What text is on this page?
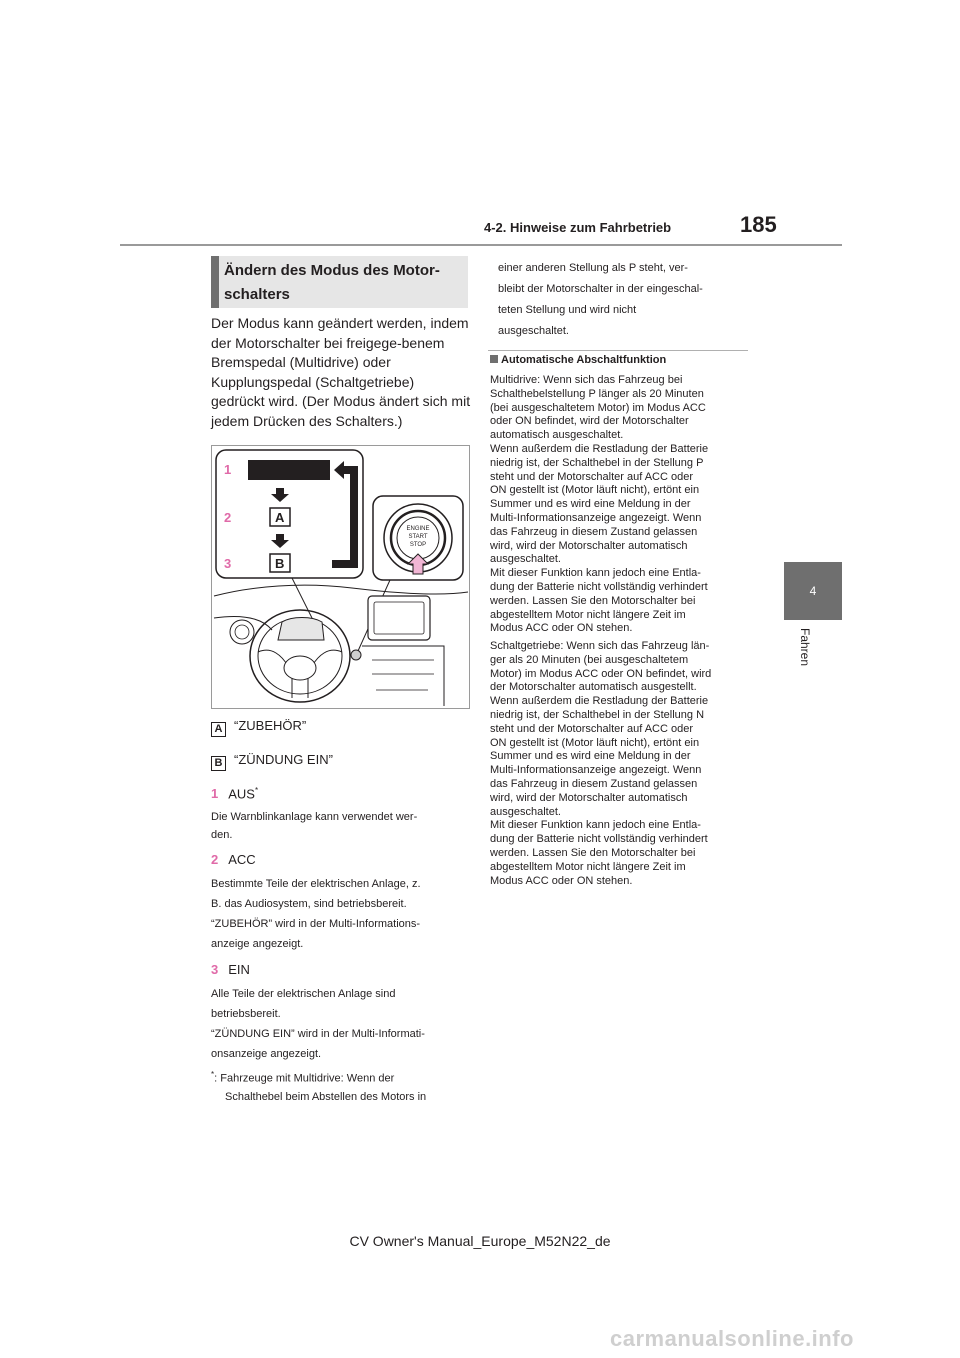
4-2. Hinweise zum Fahrbetrieb	185
4
Fahren
Ändern des Modus des Motor-schalters
Der Modus kann geändert werden, indem der Motorschalter bei freigege-benem Bremspedal (Multidrive) oder Kupplungspedal (Schaltgetriebe) gedrückt wird. (Der Modus ändert sich mit jedem Drücken des Schalters.)
A
B
1
2
3
ENGINE
START
STOP
A “ZUBEHÖR”
B “ZÜNDUNG EIN”
1 AUS*
Die Warnblinkanlage kann verwendet wer-
den.
2 ACC
Bestimmte Teile der elektrischen Anlage, z.
B. das Audiosystem, sind betriebsbereit.
“ZUBEHÖR” wird in der Multi-Informations-
anzeige angezeigt.
3 EIN
Alle Teile der elektrischen Anlage sind
betriebsbereit.
“ZÜNDUNG EIN” wird in der Multi-Informati-
onsanzeige angezeigt.
*: Fahrzeuge mit Multidrive: Wenn der
Schalthebel beim Abstellen des Motors in
einer anderen Stellung als P steht, ver-
bleibt der Motorschalter in der eingeschal-
teten Stellung und wird nicht
ausgeschaltet.
Automatische Abschaltfunktion
Multidrive: Wenn sich das Fahrzeug bei
Schalthebelstellung P länger als 20 Minuten
(bei ausgeschaltetem Motor) im Modus ACC
oder ON befindet, wird der Motorschalter
automatisch ausgeschaltet.
Wenn außerdem die Restladung der Batterie
niedrig ist, der Schalthebel in der Stellung P
steht und der Motorschalter auf ACC oder
ON gestellt ist (Motor läuft nicht), ertönt ein
Summer und es wird eine Meldung in der
Multi-Informationsanzeige angezeigt. Wenn
das Fahrzeug in diesem Zustand gelassen
wird, wird der Motorschalter automatisch
ausgeschaltet.
Mit dieser Funktion kann jedoch eine Entla-
dung der Batterie nicht vollständig verhindert
werden. Lassen Sie den Motorschalter bei
abgestelltem Motor nicht längere Zeit im
Modus ACC oder ON stehen.
Schaltgetriebe: Wenn sich das Fahrzeug län-
ger als 20 Minuten (bei ausgeschaltetem
Motor) im Modus ACC oder ON befindet, wird
der Motorschalter automatisch ausgestellt.
Wenn außerdem die Restladung der Batterie
niedrig ist, der Schalthebel in der Stellung N
steht und der Motorschalter auf ACC oder
ON gestellt ist (Motor läuft nicht), ertönt ein
Summer und es wird eine Meldung in der
Multi-Informationsanzeige angezeigt. Wenn
das Fahrzeug in diesem Zustand gelassen
wird, wird der Motorschalter automatisch
ausgeschaltet.
Mit dieser Funktion kann jedoch eine Entla-
dung der Batterie nicht vollständig verhindert
werden. Lassen Sie den Motorschalter bei
abgestelltem Motor nicht längere Zeit im
Modus ACC oder ON stehen.
CV Owner's Manual_Europe_M52N22_de
carmanualsonline.info
